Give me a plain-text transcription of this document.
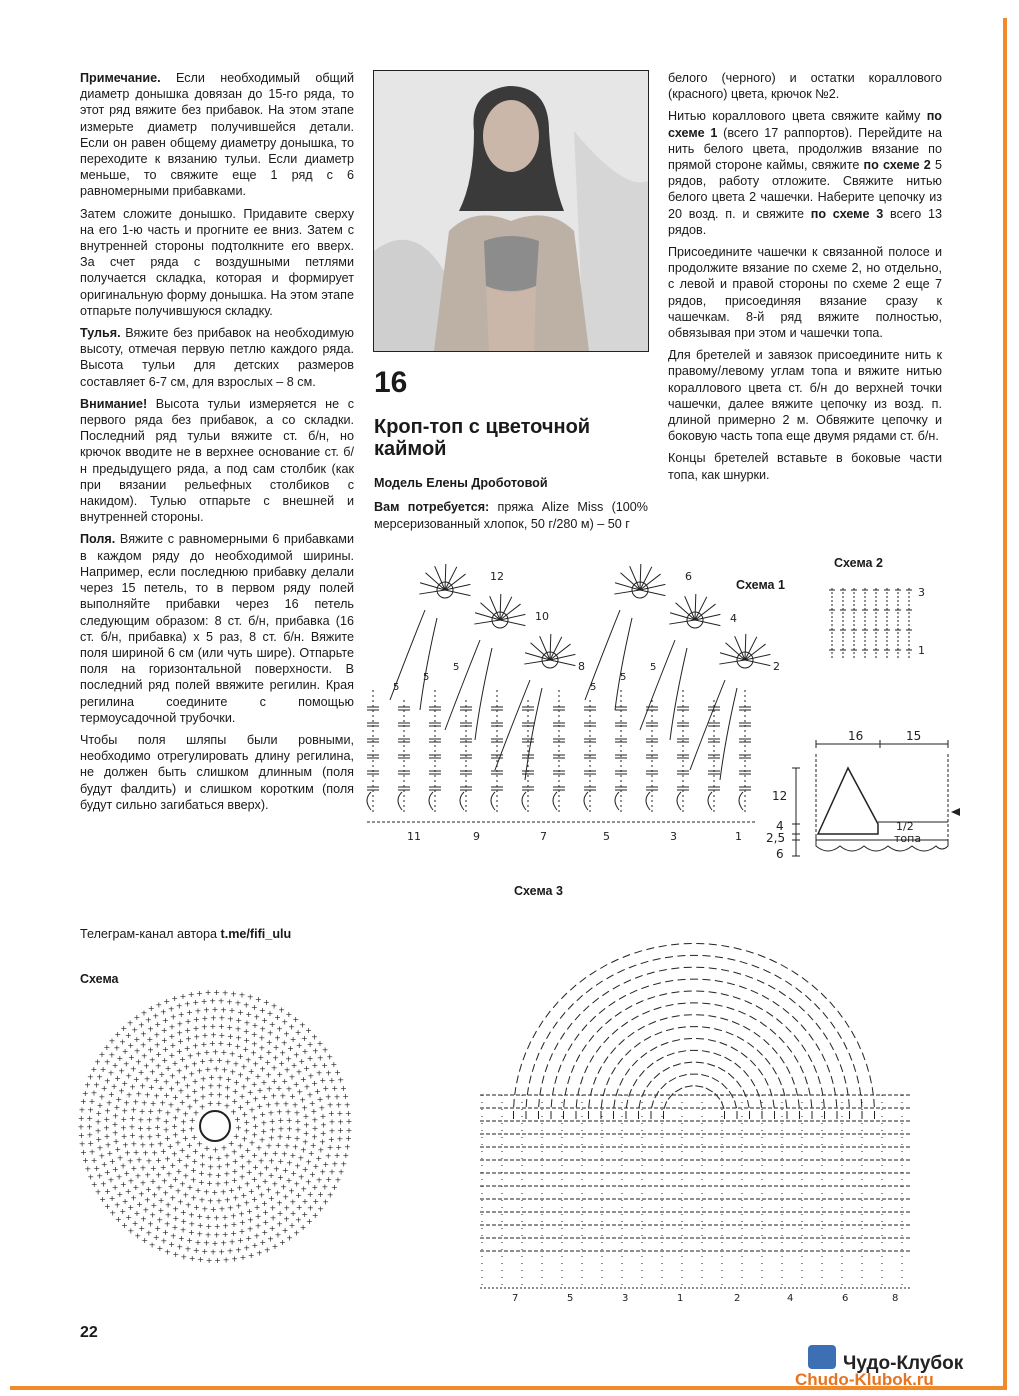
Примечание. Если необходимый общий диаметр донышка довязан до 15-го ряда, то этот ряд вяжите без прибавок. На этом этапе измерьте диаметр получившейся детали. Если он равен общему диаметру донышка, то переходите к вязанию тульи. Если диаметр меньше, то свяжите еще 1 ряд с 6 равномерными прибавками.

Затем сложите донышко. Придавите сверху на его 1-ю часть и прогните ее вниз. Затем с внутренней стороны подтолкните его вверх. За счет ряда с воздушными петлями получается складка, которая и формирует оригинальную форму донышка. На этом этапе отпарьте получившуюся складку.

Тулья. Вяжите без прибавок на необходимую высоту, отмечая первую петлю каждого ряда. Высота тульи для детских размеров составляет 6-7 см, для взрослых – 8 см.

Внимание! Высота тульи измеряется не с первого ряда без прибавок, а со складки. Последний ряд тульи вяжите ст. б/н, но крючок вводите не в верхнее основание ст. б/н предыдущего ряда, а под сам столбик (как при вязании рельефных столбиков с накидом). Тулью отпарьте с внешней и внутренней стороны.

Поля. Вяжите с равномерными 6 прибавками в каждом ряду до необходимой ширины. Например, если последнюю прибавку делали через 15 петель, то в первом ряду полей выполняйте прибавки через 16 петель следующим образом: 8 ст. б/н, прибавка (16 ст. б/н, прибавка) х 5 раз, 8 ст. б/н. Вяжите поля шириной 6 см (или чуть шире). Отпарьте поля на горизонтальной поверхности. В последний ряд полей ввяжите регилин. Края регилина соедините с помощью термоусадочной трубочки.

Чтобы поля шляпы были ровными, необходимо отрегулировать длину регилина, не должен быть слишком длинным (поля будут фалдить) и слишком коротким (поля будут сильно загибаться вверх).

Телеграм-канал автора t.me/fifi_ulu
16
Кроп-топ с цветочной каймой
Модель Елены Дроботовой
Вам потребуется: пряжа Alize Miss (100% мерсеризованный хлопок, 50 г/280 м) – 50 г

белого (черного) и остатки кораллового (красного) цвета, крючок №2.

Нитью кораллового цвета свяжите кайму по схеме 1 (всего 17 раппортов). Перейдите на нить белого цвета, продолжив вязание по прямой стороне каймы, свяжите по схеме 2 5 рядов, работу отложите. Свяжите нитью белого цвета 2 чашечки. Наберите цепочку из 20 возд. п. и свяжите по схеме 3 всего 13 рядов.

Присоедините чашечки к связанной полосе и продолжите вязание по схеме 2, но отдельно, с левой и правой стороны по схеме 2 еще 7 рядов, присоединяя вязание сразу к чашечкам. 8-й ряд вяжите полностью, обвязывая при этом и чашечки топа.

Для бретелей и завязок присоедините нить к правому/левому углам топа и вяжите нитью кораллового цвета ст. б/н до верхней точки чашечки, далее вяжите цепочку из возд. п. длиной примерно 2 м. Обвяжите цепочку и боковую часть топа еще двумя рядами ст. б/н.

Концы бретелей вставьте в боковые части топа, как шнурки.

Схема 1
Схема 2
Схема 3
Схема
12
10
8
6
4
2
11	9	7	5	3	1
5
5
5
5
5
5
3
1
16	15
12
4
2,5
6
1/2
топа
7	5	3	1	2	4	6	8
+
+
+
+
+
+
+
+
+
+
+
+ + + +
+
+
+
+
+
+
+
+
+
+
+
+
+
+
+
+
+
+ + + + + +
+
+
+
+
+
+
+
+
+
+
+
+
+
+
+
+
+
+
+
+
+
+
+ + + + + +
+
+
+
+
+
+
+
+
+
+
+
+
+
+
+
+
+
+
+
+
+
+
+
+
+
+
+
+ + + + + + + +
+
+
+
+
+
+
+
+
+
+
+
+
+
+
+
+
+
+
+
+
+
+
+
+
+
+
+
+
+
+
+
+
+ + + + + + + + +
+
+
+
+
+
+
+
+
+
+
+
+
+
+
+
+
+
+
+
+
+
+
+
+
+
+
+
+
+
+
+
+
+
+
+
+
+
+ + + + + + + + + +
+
+
+
+
+
+
+
+
+
+
+
+
+
+
+
+
+
+
+
+
+
+
+
+
+
+
+
+
+
+
+
+
+
+
+
+
+
+
+
+
+
+
+ + + + + + + + + + +
+
+
+
+
+
+
+
+
+
+
+
+
+
+
+
+
+
+
+
+
+
+
+
+
+
+
+
+
+
+
+
+
+
+
+
+
+
+
+
+
+
+
+
+
+
+
+
+ + + + + + + + + + + +
+
+
+
+
+
+
+
+
+
+
+
+
+
+
+
+
+
+
+
+
+
+
+
+
+
+
+
+
+
+
+
+
+
+
+
+
+
+
+
+
+
+
+
+
+
+
+
+
+
+
+
+
+ + + + + + + + + + + + +
+
+
+
+
+
+
+
+
+
+
+
+
+
+
+
+
+
+
+
+
+
+
+
+
+
+
+
+
+
+
+
+
+
+
+
+
+
+
+
+
+
+
+
+
+
+
+
+
+
+
+
+
+
+
+
+
+
+
+ + + + + + + + + + + + + +
+
+
+
+
+
+
+
+
+
+
+
+
+
+
+
+
+
+
+
+
+
+
+
+
+
+
+
+
+
+
+
+
+
+
+
+
+
+
+
+
+
+
+
+
+
+
+
+
+
+
+
+
+
+
+
+
+
+
+
+
+
+
+ + + + + + + + + + + + + + +
+
+
+
+
+
+
+
+
+
+
+
+
+
+
+
+
+
+
+
+
+
+
+
+
+
+
+
+
+
+
+
+
+
+
+
+
+
+
+
+
+
+
+
+
+
+
+
+
+
+
+
+
+
+
+
+
+
+
+
+
+
+
+
+
+
+
+
+ + + + + + + + + + + + + + + + +
+
+
+
+
+
+
+
+
+
+
+
+
+
+
+
+
+
+
+
+
+
+
+
+
+
+
+
+
+
+
+
+
+
+
+
+
+
+
+
+
+
+
+
+
+
+
+
+
+
+
+
+
+
+
+
+
+
+
+
+
+
+
+
+
+
+
+
+
+
+
+
+
+ + + + + + + + + + + + + + + + + +
+
+
+
+
+
+
+
+
+
+
+
+
+
+
+
+
+
+
+
+
+
+
+
+
+
+
+
+
+
+
+
+
+
+
+
+
+
+
+
+
+
+
+
+
+
+
+
+
+
+
+
+
+
+
+
+
+
+
+
+
+
+
+
+
+
+
+
+
+
+
+
+
+
+
+
+
+
+ + + + + + + + + + + + + + + + + + +
+
+
+
+
+
+
+
+
+
+
+
+
+
+
+
+
+
+
+
+
+
+
+
+
+
+
+
+
+
+
22
Чудо-Клубок
Chudo-Klubok.ru
